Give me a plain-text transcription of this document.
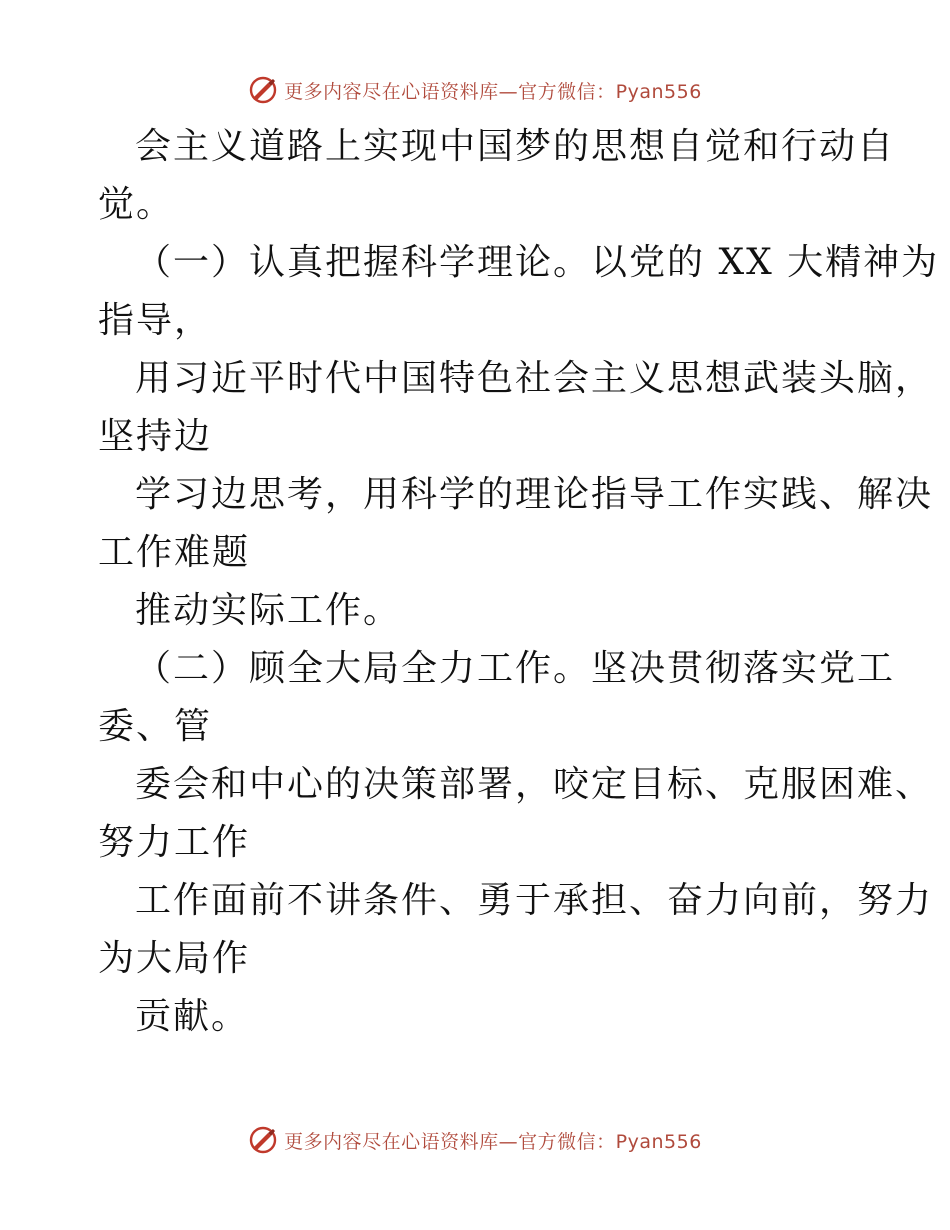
更多内容尽在心语资料库—官方微信：Pyan556
会主义道路上实现中国梦的思想自觉和行动自
觉。
（一）认真把握科学理论。以党的 XX 大精神为
指导，
用习近平时代中国特色社会主义思想武装头脑，
坚持边
学习边思考，用科学的理论指导工作实践、解决
工作难题
推动实际工作。
（二）顾全大局全力工作。坚决贯彻落实党工
委、管
委会和中心的决策部署，咬定目标、克服困难、
努力工作
工作面前不讲条件、勇于承担、奋力向前，努力
为大局作
贡献。
更多内容尽在心语资料库—官方微信：Pyan556
